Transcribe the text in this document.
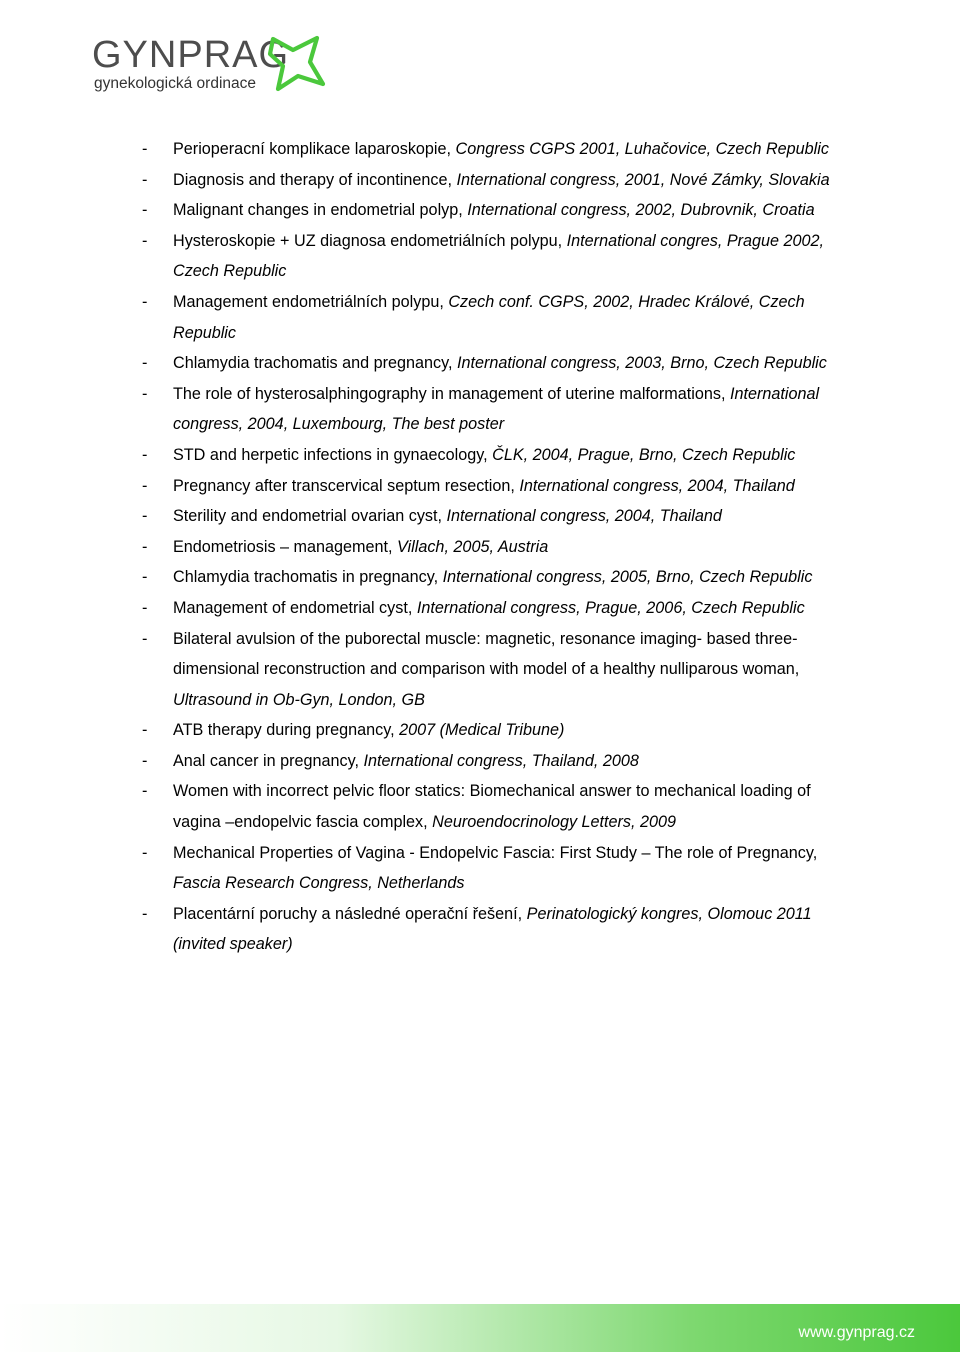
GYNPRAG
gynekologická ordinace
- Perioperacní komplikace laparoskopie, Congress CGPS 2001, Luhačovice, Czech Republic
- Diagnosis and therapy of incontinence, International congress, 2001, Nové Zámky, Slovakia
- Malignant changes in endometrial polyp, International congress, 2002, Dubrovnik, Croatia
- Hysteroskopie + UZ diagnosa endometriálních polypu, International congres, Prague 2002, Czech Republic
- Management endometriálních polypu, Czech conf. CGPS, 2002, Hradec Králové, Czech Republic
- Chlamydia trachomatis and pregnancy, International congress, 2003, Brno, Czech Republic
- The role of hysterosalphingography in management of uterine malformations, International congress, 2004, Luxembourg, The best poster
- STD and herpetic infections in gynaecology, ČLK, 2004, Prague, Brno, Czech Republic
- Pregnancy after transcervical septum resection, International congress, 2004, Thailand
- Sterility and endometrial ovarian cyst, International congress, 2004, Thailand
- Endometriosis – management, Villach, 2005, Austria
- Chlamydia trachomatis in pregnancy, International congress, 2005, Brno, Czech Republic
- Management of endometrial cyst, International congress, Prague, 2006, Czech Republic
- Bilateral avulsion of the puborectal muscle: magnetic, resonance imaging- based three- dimensional reconstruction and comparison with model of a healthy nulliparous woman, Ultrasound in Ob-Gyn, London, GB
- ATB therapy during pregnancy, 2007 (Medical Tribune)
- Anal cancer in pregnancy, International congress, Thailand, 2008
- Women with incorrect pelvic floor statics: Biomechanical answer to mechanical loading of vagina –endopelvic fascia complex, Neuroendocrinology Letters, 2009
- Mechanical Properties of Vagina - Endopelvic Fascia: First Study – The role of Pregnancy, Fascia Research Congress, Netherlands
- Placentární poruchy a následné operační řešení, Perinatologický kongres, Olomouc 2011 (invited speaker)
www.gynprag.cz
